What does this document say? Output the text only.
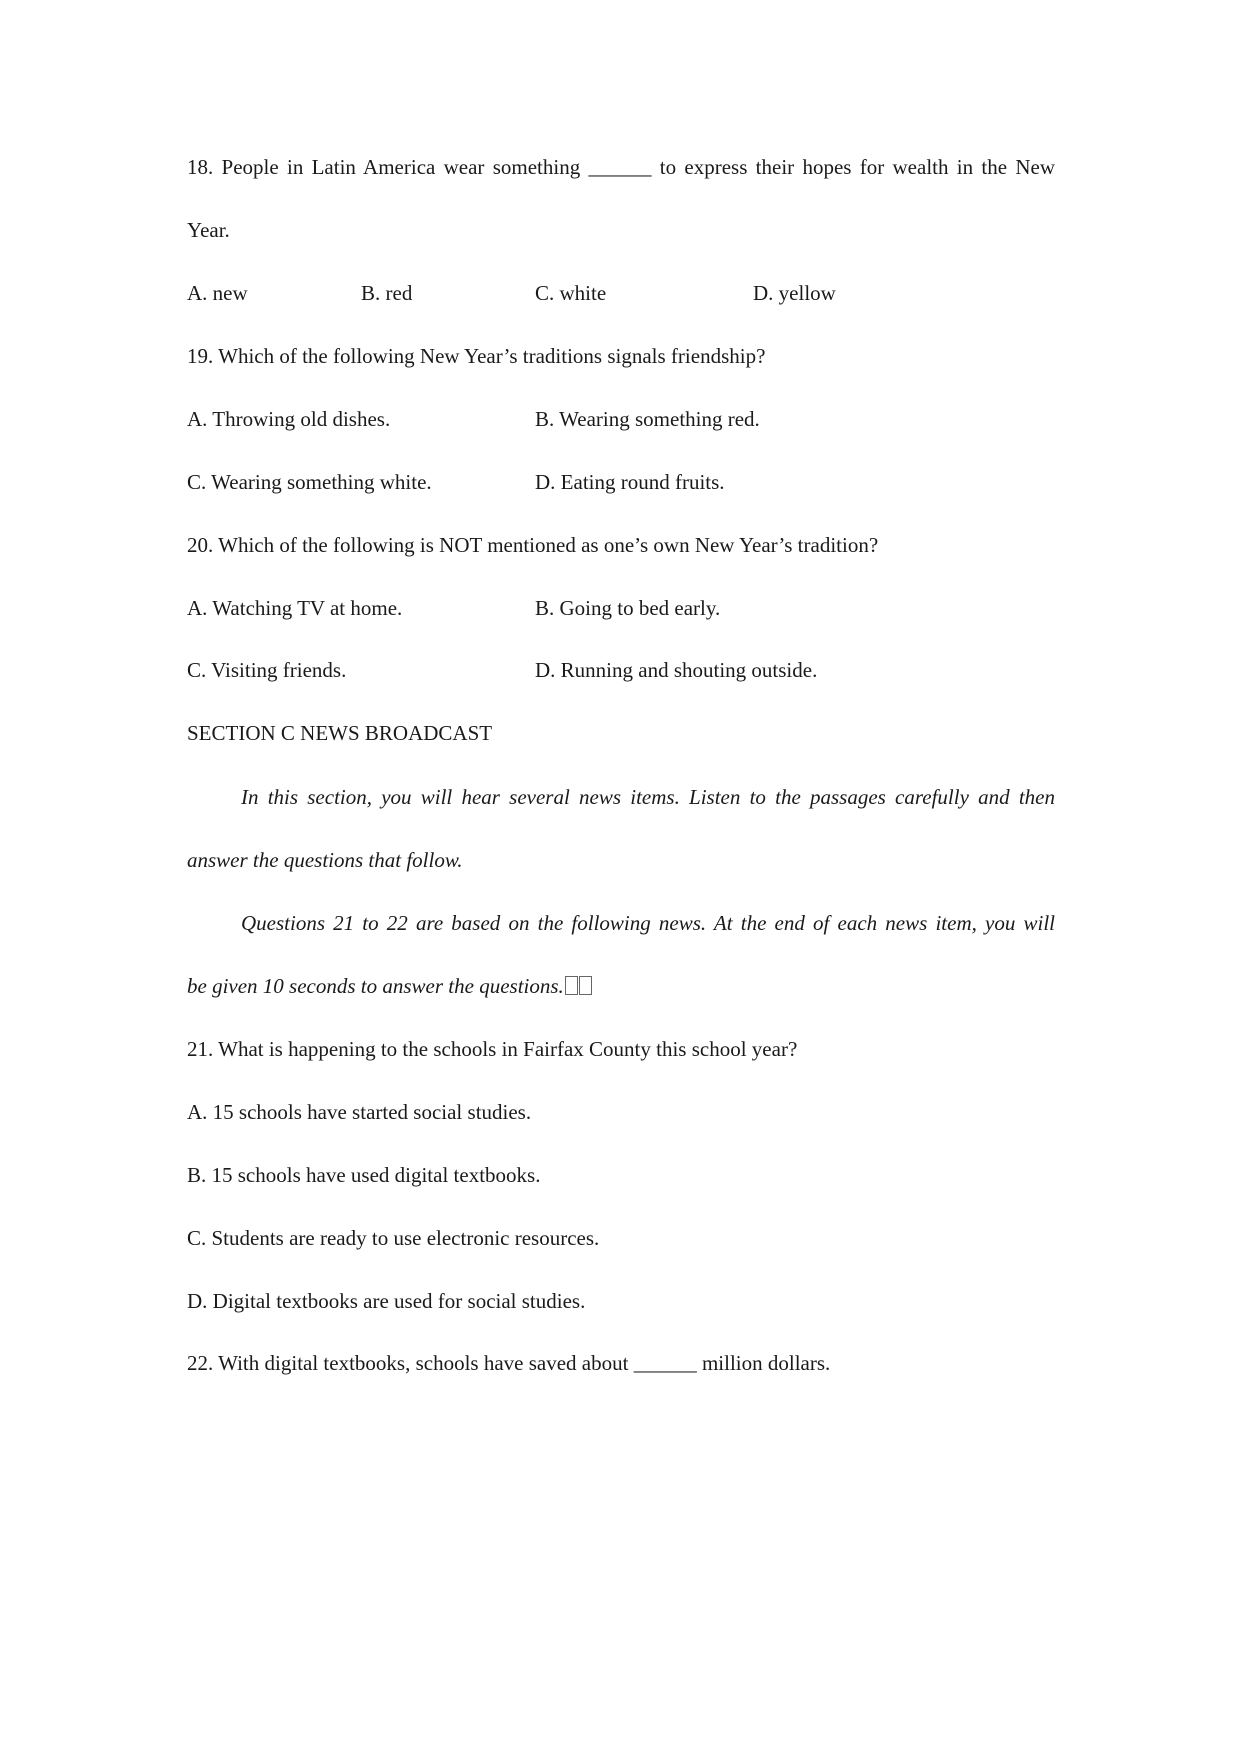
18. People in Latin America wear something ______ to express their hopes for wealth in the New
Year.
A. new	B. red	C. white	D. yellow
19. Which of the following New Year’s traditions signals friendship?
A. Throwing old dishes.	B. Wearing something red.
C. Wearing something white.	D. Eating round fruits.
20. Which of the following is NOT mentioned as one’s own New Year’s tradition?
A. Watching TV at home.	B. Going to bed early.
C. Visiting friends.	D. Running and shouting outside.
SECTION C NEWS BROADCAST
In this section, you will hear several news items. Listen to the passages carefully and then
answer the questions that follow.
Questions 21 to 22 are based on the following news. At the end of each news item, you will
be given 10 seconds to answer the questions.
21. What is happening to the schools in Fairfax County this school year?
A. 15 schools have started social studies.
B. 15 schools have used digital textbooks.
C. Students are ready to use electronic resources.
D. Digital textbooks are used for social studies.
22. With digital textbooks, schools have saved about ______ million dollars.
